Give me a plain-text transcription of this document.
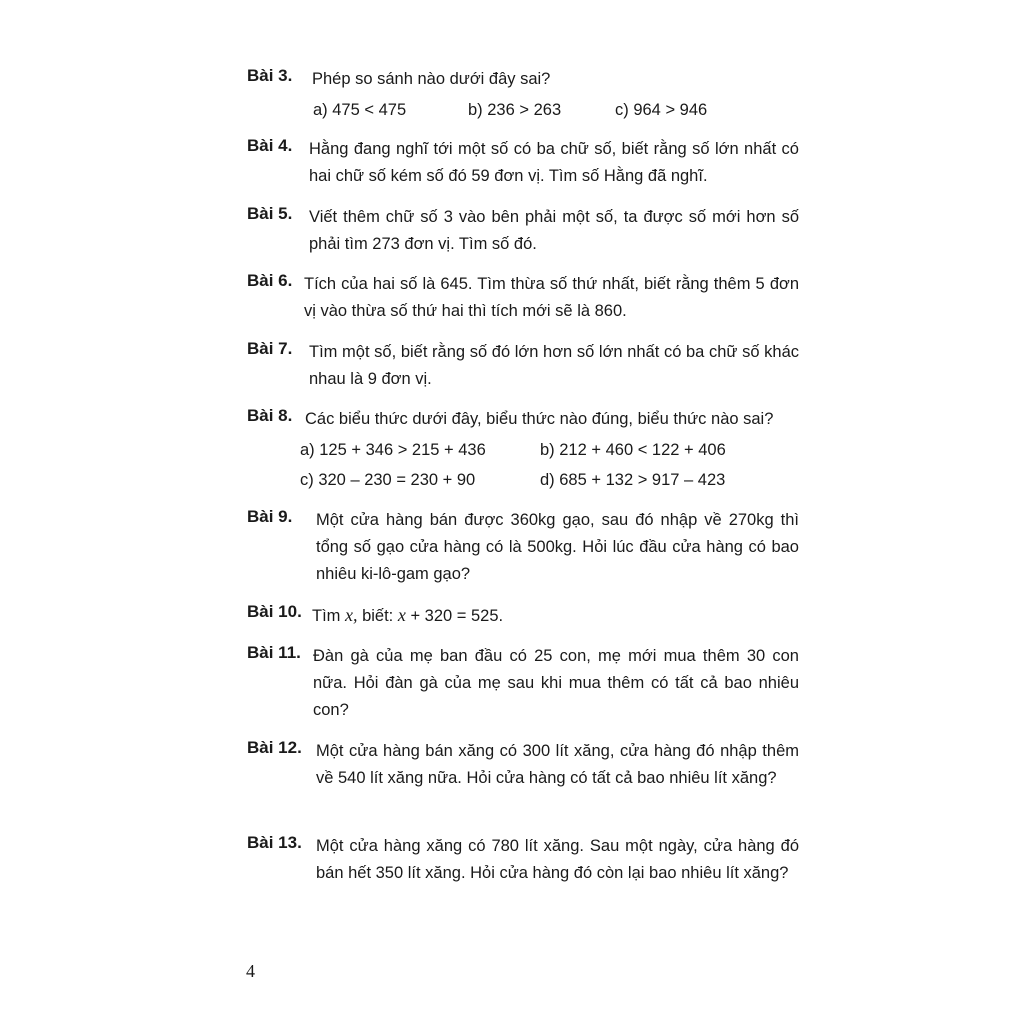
Bài 3.	Phép so sánh nào dưới đây sai?
a) 475 < 475	b) 236 > 263	c) 964 > 946
Bài 4.	Hằng đang nghĩ tới một số có ba chữ số, biết rằng số lớn nhất có hai chữ số kém số đó 59 đơn vị. Tìm số Hằng đã nghĩ.
Bài 5.	Viết thêm chữ số 3 vào bên phải một số, ta được số mới hơn số phải tìm 273 đơn vị. Tìm số đó.
Bài 6. Tích của hai số là 645. Tìm thừa số thứ nhất, biết rằng thêm 5 đơn vị vào thừa số thứ hai thì tích mới sẽ là 860.
Bài 7.	Tìm một số, biết rằng số đó lớn hơn số lớn nhất có ba chữ số khác nhau là 9 đơn vị.
Bài 8. Các biểu thức dưới đây, biểu thức nào đúng, biểu thức nào sai?
a) 125 + 346 > 215 + 436	b) 212 + 460 < 122 + 406
c) 320 – 230 = 230 + 90	d) 685 + 132 > 917 – 423
Bài 9.	Một cửa hàng bán được 360kg gạo, sau đó nhập về 270kg thì tổng số gạo cửa hàng có là 500kg. Hỏi lúc đầu cửa hàng có bao nhiêu ki-lô-gam gạo?
Bài 10. Tìm x, biết: x + 320 = 525.
Bài 11. Đàn gà của mẹ ban đầu có 25 con, mẹ mới mua thêm 30 con nữa. Hỏi đàn gà của mẹ sau khi mua thêm có tất cả bao nhiêu con?
Bài 12. Một cửa hàng bán xăng có 300 lít xăng, cửa hàng đó nhập thêm về 540 lít xăng nữa. Hỏi cửa hàng có tất cả bao nhiêu lít xăng?
Bài 13. Một cửa hàng xăng có 780 lít xăng. Sau một ngày, cửa hàng đó bán hết 350 lít xăng. Hỏi cửa hàng đó còn lại bao nhiêu lít xăng?
4
